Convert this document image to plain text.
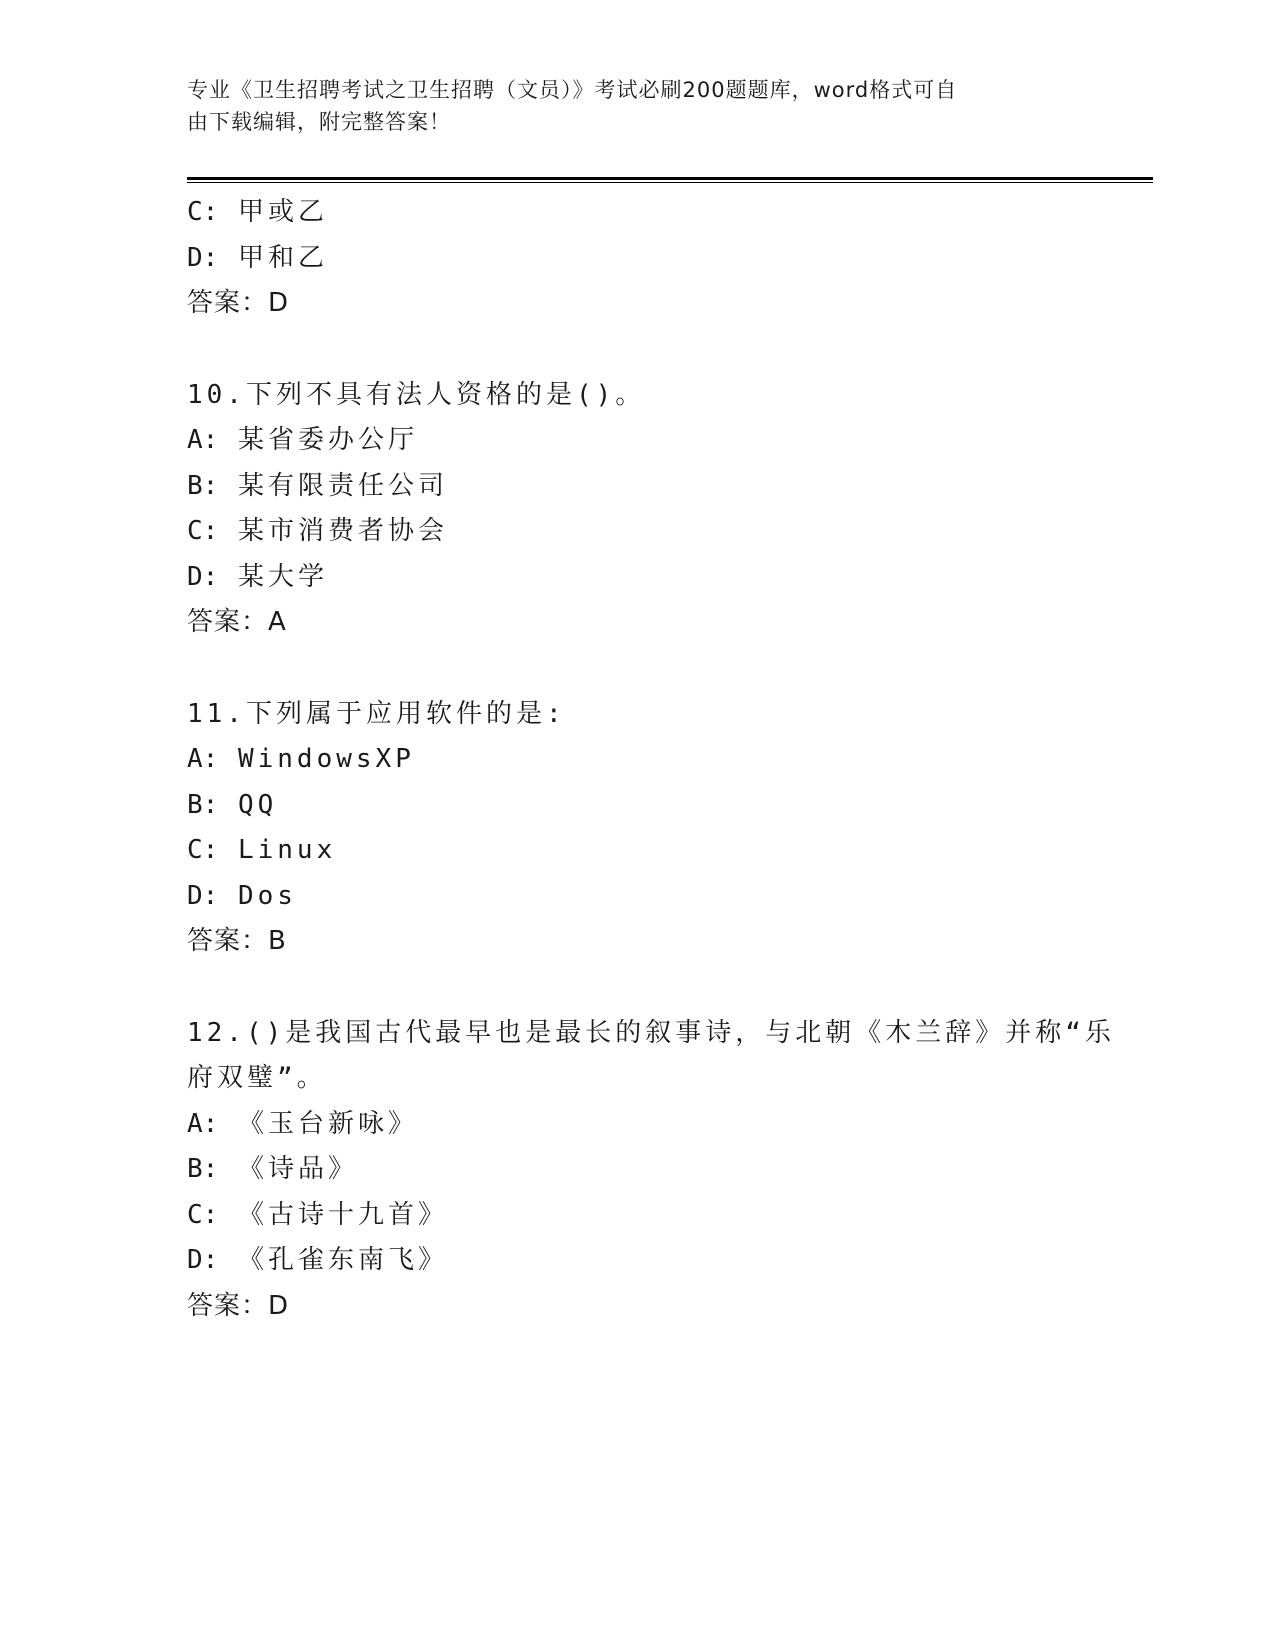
专业《卫生招聘考试之卫生招聘（文员）》考试必刷200题题库，word格式可自
由下载编辑，附完整答案！
C: 甲或乙
D: 甲和乙
答案：D
10.下列不具有法人资格的是()。
A: 某省委办公厅
B: 某有限责任公司
C: 某市消费者协会
D: 某大学
答案：A
11.下列属于应用软件的是:
A: WindowsXP
B: QQ
C: Linux
D: Dos
答案：B
12.()是我国古代最早也是最长的叙事诗，与北朝《木兰辞》并称“乐
府双璧”。
A: 《玉台新咏》
B: 《诗品》
C: 《古诗十九首》
D: 《孔雀东南飞》
答案：D
